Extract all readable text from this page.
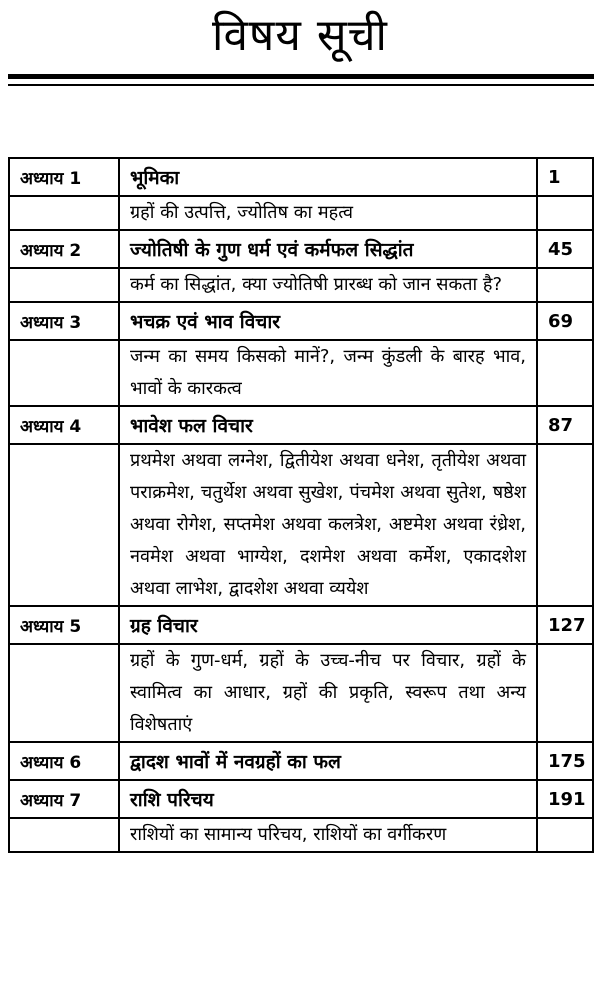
विषय सूची
अध्याय 1	भूमिका	1
	ग्रहों की उत्पत्ति, ज्योतिष का महत्व	
अध्याय 2	ज्योतिषी के गुण धर्म एवं कर्मफल सिद्धांत	45
	कर्म का सिद्धांत, क्या ज्योतिषी प्रारब्ध को जान सकता है?	
अध्याय 3	भचक्र एवं भाव विचार	69
	जन्म का समय किसको मानें?, जन्म कुंडली के बारह भाव, भावों के कारकत्व	
अध्याय 4	भावेश फल विचार	87
	प्रथमेश अथवा लग्नेश, द्वितीयेश अथवा धनेश, तृतीयेश अथवा पराक्रमेश, चतुर्थेश अथवा सुखेश, पंचमेश अथवा सुतेश, षष्ठेश अथवा रोगेश, सप्तमेश अथवा कलत्रेश, अष्टमेश अथवा रंध्रेश, नवमेश अथवा भाग्येश, दशमेश अथवा कर्मेश, एकादशेश अथवा लाभेश, द्वादशेश अथवा व्ययेश	
अध्याय 5	ग्रह विचार	127
	ग्रहों के गुण-धर्म, ग्रहों के उच्च-नीच पर विचार, ग्रहों के स्वामित्व का आधार, ग्रहों की प्रकृति, स्वरूप तथा अन्य विशेषताएं	
अध्याय 6	द्वादश भावों में नवग्रहों का फल	175
अध्याय 7	राशि परिचय	191
	राशियों का सामान्य परिचय, राशियों का वर्गीकरण	
